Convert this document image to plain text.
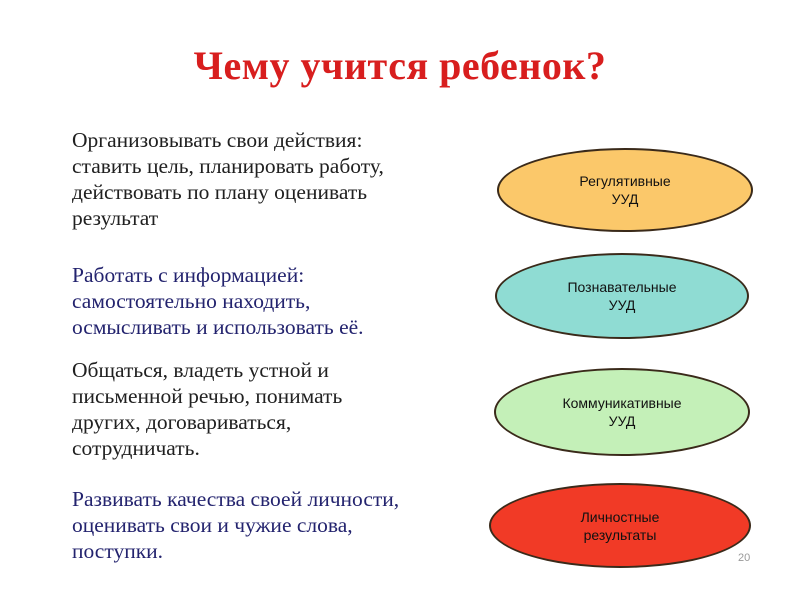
Чему учится ребенок?

Организовывать свои действия:
ставить цель, планировать работу,
действовать по плану оценивать
результат

Работать с информацией:
самостоятельно находить,
осмысливать и использовать её.

Общаться, владеть устной и
письменной речью, понимать
других, договариваться,
сотрудничать.

Развивать качества своей личности,
оценивать свои и чужие слова,
поступки.

Регулятивные
УУД
Познавательные
УУД
Коммуникативные
УУД
Личностные
результаты
20
